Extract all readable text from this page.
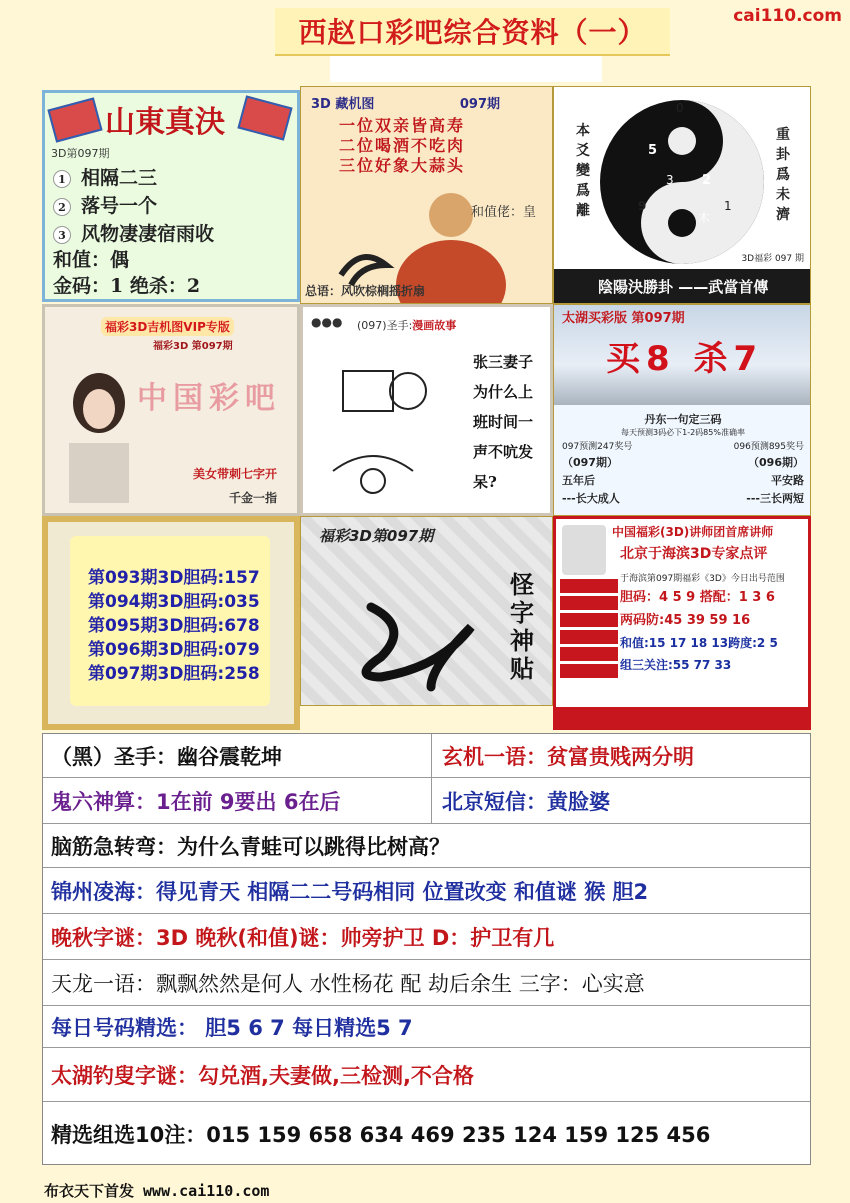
西赵口彩吧综合资料（一）	cai110.com
山東真決
3D第097期
1 相隔二三
2 落号一个
3 风物凄凄宿雨收
和值：偶
金码：1 绝杀：2
3D 藏机图	097期
一位双亲皆高寿
二位喝酒不吃肉
三位好象大蒜头
和值佬：皇
总语：风吹棕榈摇折扇
0
5
3 2
9	1
木
本爻變爲離
重卦爲未濟
3D福彩 097 期
陰陽決勝卦 ——武當首傳
福彩3D吉机图VIP专版
福彩3D 第097期
中国彩吧
美女带刺七字开
千金一指
●●●	(097)圣手:漫画故事
张三妻子为什么上班时间一声不吭发呆?
太湖买彩版 第097期
买8 杀7
丹东一句定三码
每天预测3码必下1-2码85%准确率
097预测247奖号	096预测895奖号
（097期）	（096期）
五年后	平安路
---长大成人	---三长两短
第093期3D胆码:157
第094期3D胆码:035
第095期3D胆码:678
第096期3D胆码:079
第097期3D胆码:258
福彩3D第097期
怪字神贴
中国福彩(3D)讲师团首席讲师
北京于海滨3D专家点评
于海滨第097期福彩《3D》今日出号范围
胆码：4 5 9 搭配：1 3 6
两码防:45 39 59 16
和值:15 17 18 13跨度:2 5
组三关注:55 77 33
（黑）圣手：幽谷震乾坤	玄机一语：贫富贵贱两分明
鬼六神算：1在前 9要出 6在后	北京短信：黄脸婆
脑筋急转弯：为什么青蛙可以跳得比树高？
锦州凌海：得见青天 相隔二二号码相同 位置改变 和值谜 猴 胆2
晚秋字谜：3D 晚秋(和值)谜：帅旁护卫 D：护卫有几
天龙一语：飘飘然然是何人 水性杨花 配 劫后余生 三字：心实意
每日号码精选： 胆5 6 7 每日精选5 7
太湖钓叟字谜：勾兑酒,夫妻做,三检测,不合格
精选组选10注：015 159 658 634 469 235 124 159 125 456
布衣天下首发 www.cai110.com
